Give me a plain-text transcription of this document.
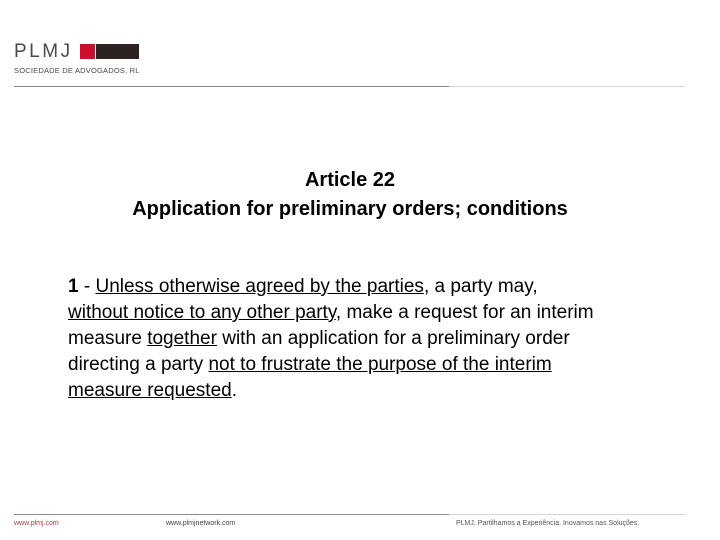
PLMJ
SOCIEDADE DE ADVOGADOS, RL
Article 22
Application for preliminary orders; conditions
1 - Unless otherwise agreed by the parties, a party may,
without notice to any other party, make a request for an interim
measure together with an application for a preliminary order
directing a party not to frustrate the purpose of the interim
measure requested.
www.plmj.com	www.plmjnetwork.com	PLMJ, Partilhamos a Experiência. Inovamos nas Soluções.
